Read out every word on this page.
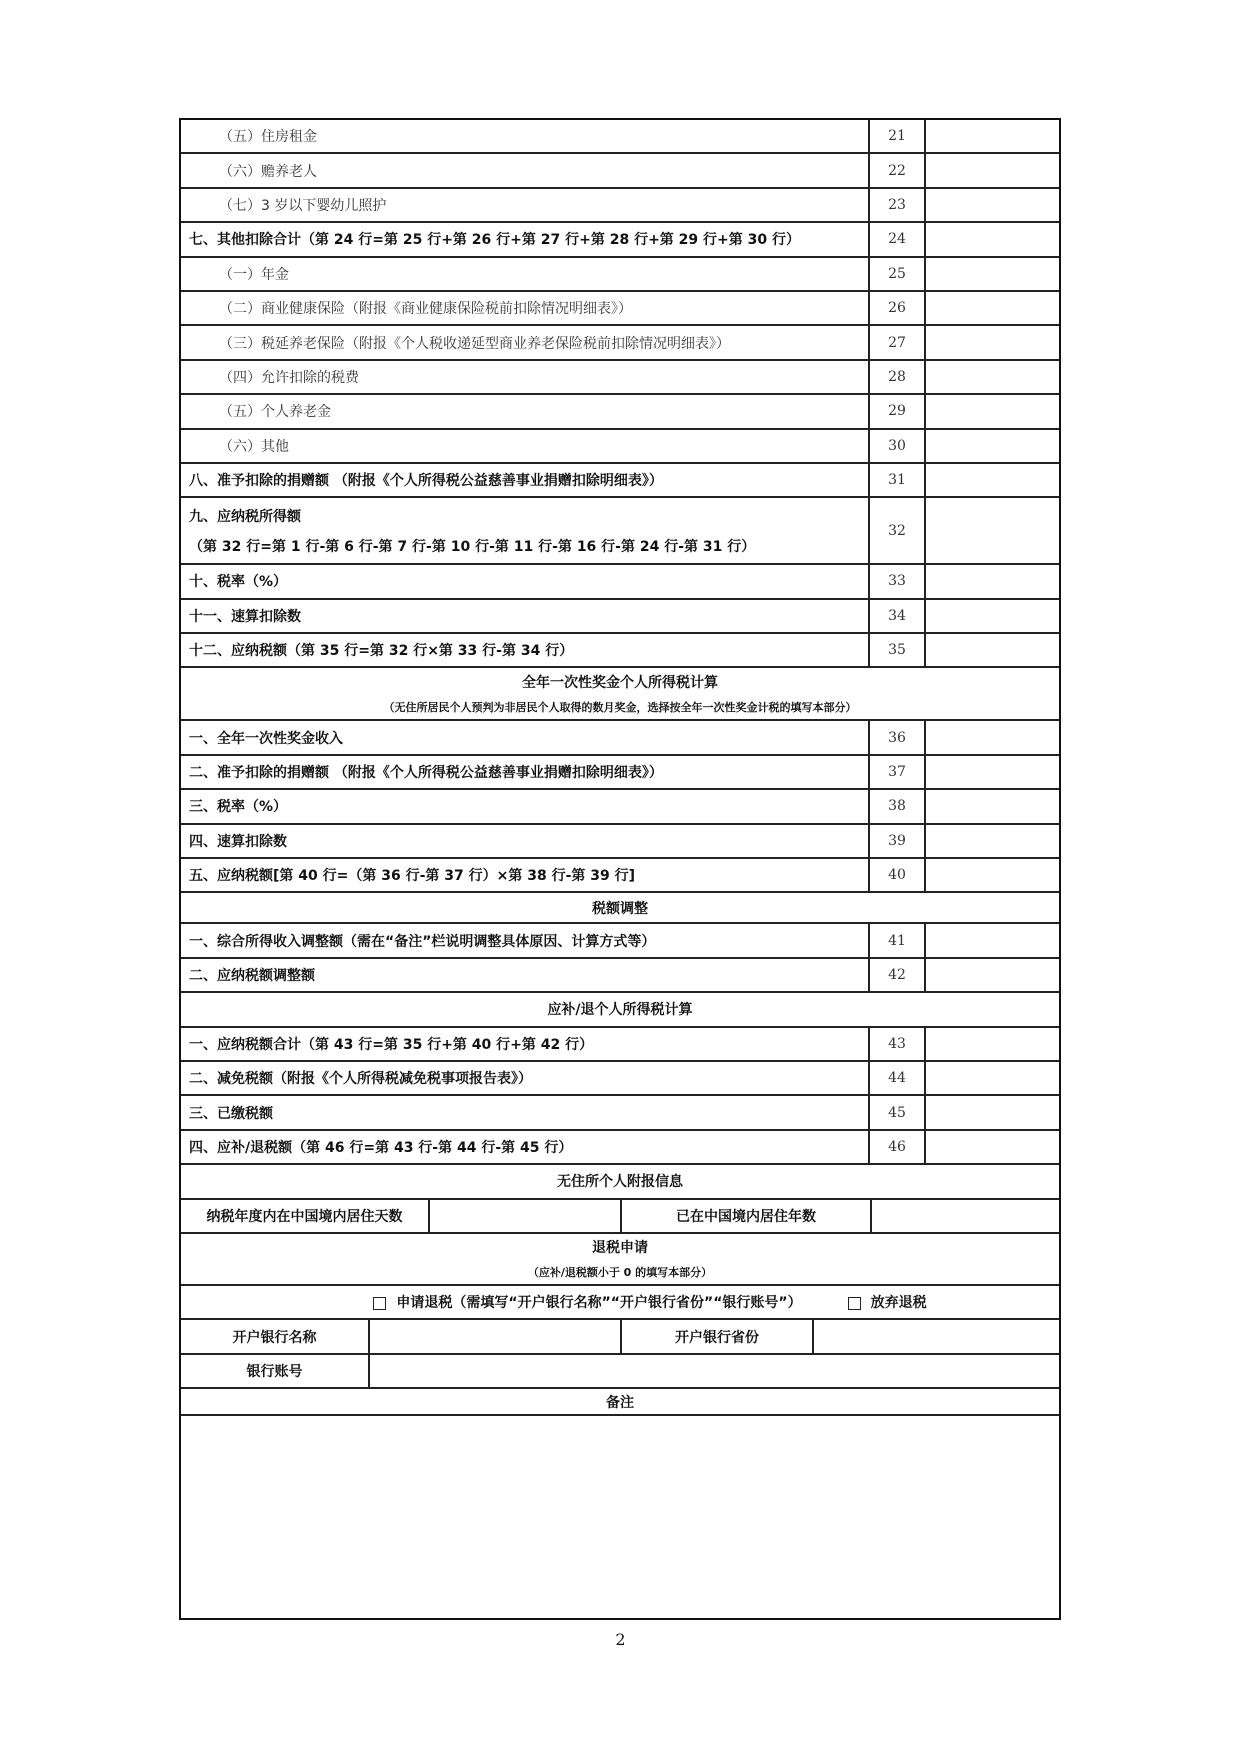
（五）住房租金	21
（六）赡养老人	22
（七）3 岁以下婴幼儿照护	23
七、其他扣除合计（第 24 行=第 25 行+第 26 行+第 27 行+第 28 行+第 29 行+第 30 行）	24
（一）年金	25
（二）商业健康保险（附报《商业健康保险税前扣除情况明细表》）	26
（三）税延养老保险（附报《个人税收递延型商业养老保险税前扣除情况明细表》）	27
（四）允许扣除的税费	28
（五）个人养老金	29
（六）其他	30
八、准予扣除的捐赠额 （附报《个人所得税公益慈善事业捐赠扣除明细表》）	31
九、应纳税所得额
（第 32 行=第 1 行-第 6 行-第 7 行-第 10 行-第 11 行-第 16 行-第 24 行-第 31 行）
32
十、税率（%）	33
十一、速算扣除数	34
十二、应纳税额（第 35 行=第 32 行×第 33 行-第 34 行）	35
全年一次性奖金个人所得税计算
（无住所居民个人预判为非居民个人取得的数月奖金，选择按全年一次性奖金计税的填写本部分）
一、全年一次性奖金收入	36
二、准予扣除的捐赠额 （附报《个人所得税公益慈善事业捐赠扣除明细表》）	37
三、税率（%）	38
四、速算扣除数	39
五、应纳税额[第 40 行=（第 36 行-第 37 行）×第 38 行-第 39 行]	40
税额调整
一、综合所得收入调整额（需在“备注”栏说明调整具体原因、计算方式等）	41
二、应纳税额调整额	42
应补/退个人所得税计算
一、应纳税额合计（第 43 行=第 35 行+第 40 行+第 42 行）	43
二、减免税额（附报《个人所得税减免税事项报告表》）	44
三、已缴税额	45
四、应补/退税额（第 46 行=第 43 行-第 44 行-第 45 行）	46
无住所个人附报信息
纳税年度内在中国境内居住天数	已在中国境内居住年数
退税申请
（应补/退税额小于 0 的填写本部分）
申请退税（需填写“开户银行名称”“开户银行省份”“银行账号”）	放弃退税
开户银行名称	开户银行省份
银行账号
备注
2
